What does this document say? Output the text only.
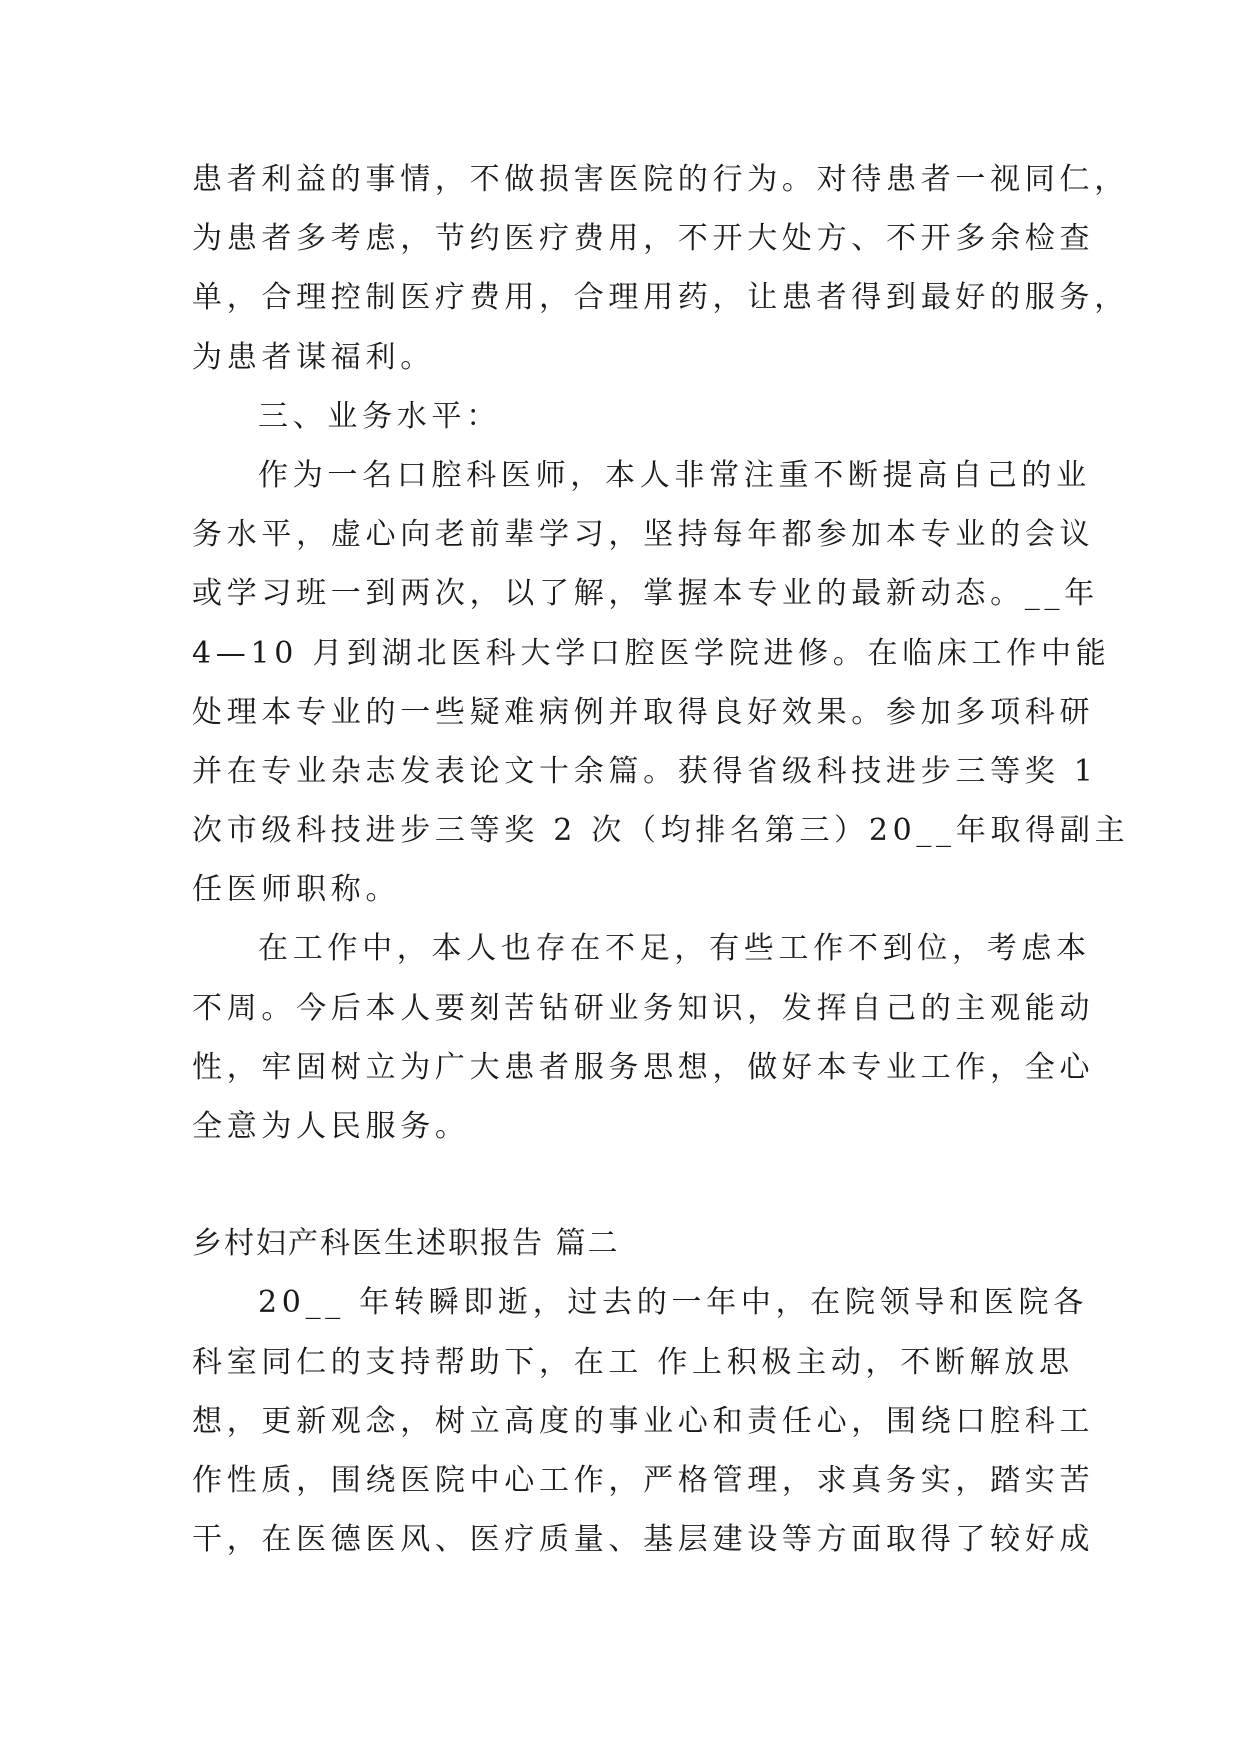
患者利益的事情，不做损害医院的行为。对待患者一视同仁，
为患者多考虑，节约医疗费用，不开大处方、不开多余检查
单，合理控制医疗费用，合理用药，让患者得到最好的服务，
为患者谋福利。
三、业务水平：
作为一名口腔科医师，本人非常注重不断提高自己的业
务水平，虚心向老前辈学习，坚持每年都参加本专业的会议
或学习班一到两次，以了解，掌握本专业的最新动态。__年
4—10 月到湖北医科大学口腔医学院进修。在临床工作中能
处理本专业的一些疑难病例并取得良好效果。参加多项科研
并在专业杂志发表论文十余篇。获得省级科技进步三等奖 1
次市级科技进步三等奖 2 次（均排名第三）20__年取得副主
任医师职称。
在工作中，本人也存在不足，有些工作不到位，考虑本
不周。今后本人要刻苦钻研业务知识，发挥自己的主观能动
性，牢固树立为广大患者服务思想，做好本专业工作，全心
全意为人民服务。
乡村妇产科医生述职报告 篇二
20__ 年转瞬即逝，过去的一年中，在院领导和医院各
科室同仁的支持帮助下，在工 作上积极主动，不断解放思
想，更新观念，树立高度的事业心和责任心，围绕口腔科工
作性质，围绕医院中心工作，严格管理，求真务实，踏实苦
干，在医德医风、医疗质量、基层建设等方面取得了较好成
